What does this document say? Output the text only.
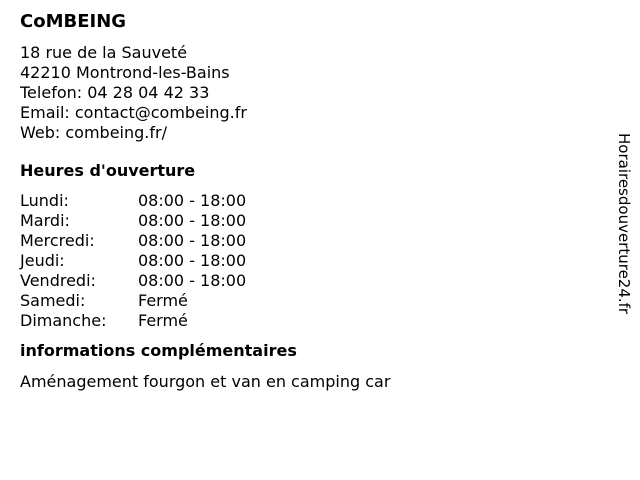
CoMBEING
18 rue de la Sauveté
42210 Montrond-les-Bains
Telefon: 04 28 04 42 33
Email: contact@combeing.fr
Web: combeing.fr/
Heures d'ouverture
Lundi:	08:00 - 18:00
Mardi:	08:00 - 18:00
Mercredi:	08:00 - 18:00
Jeudi:	08:00 - 18:00
Vendredi:	08:00 - 18:00
Samedi:	Fermé
Dimanche: Fermé
informations complémentaires
Aménagement fourgon et van en camping car
Horairesdouverture24.fr
